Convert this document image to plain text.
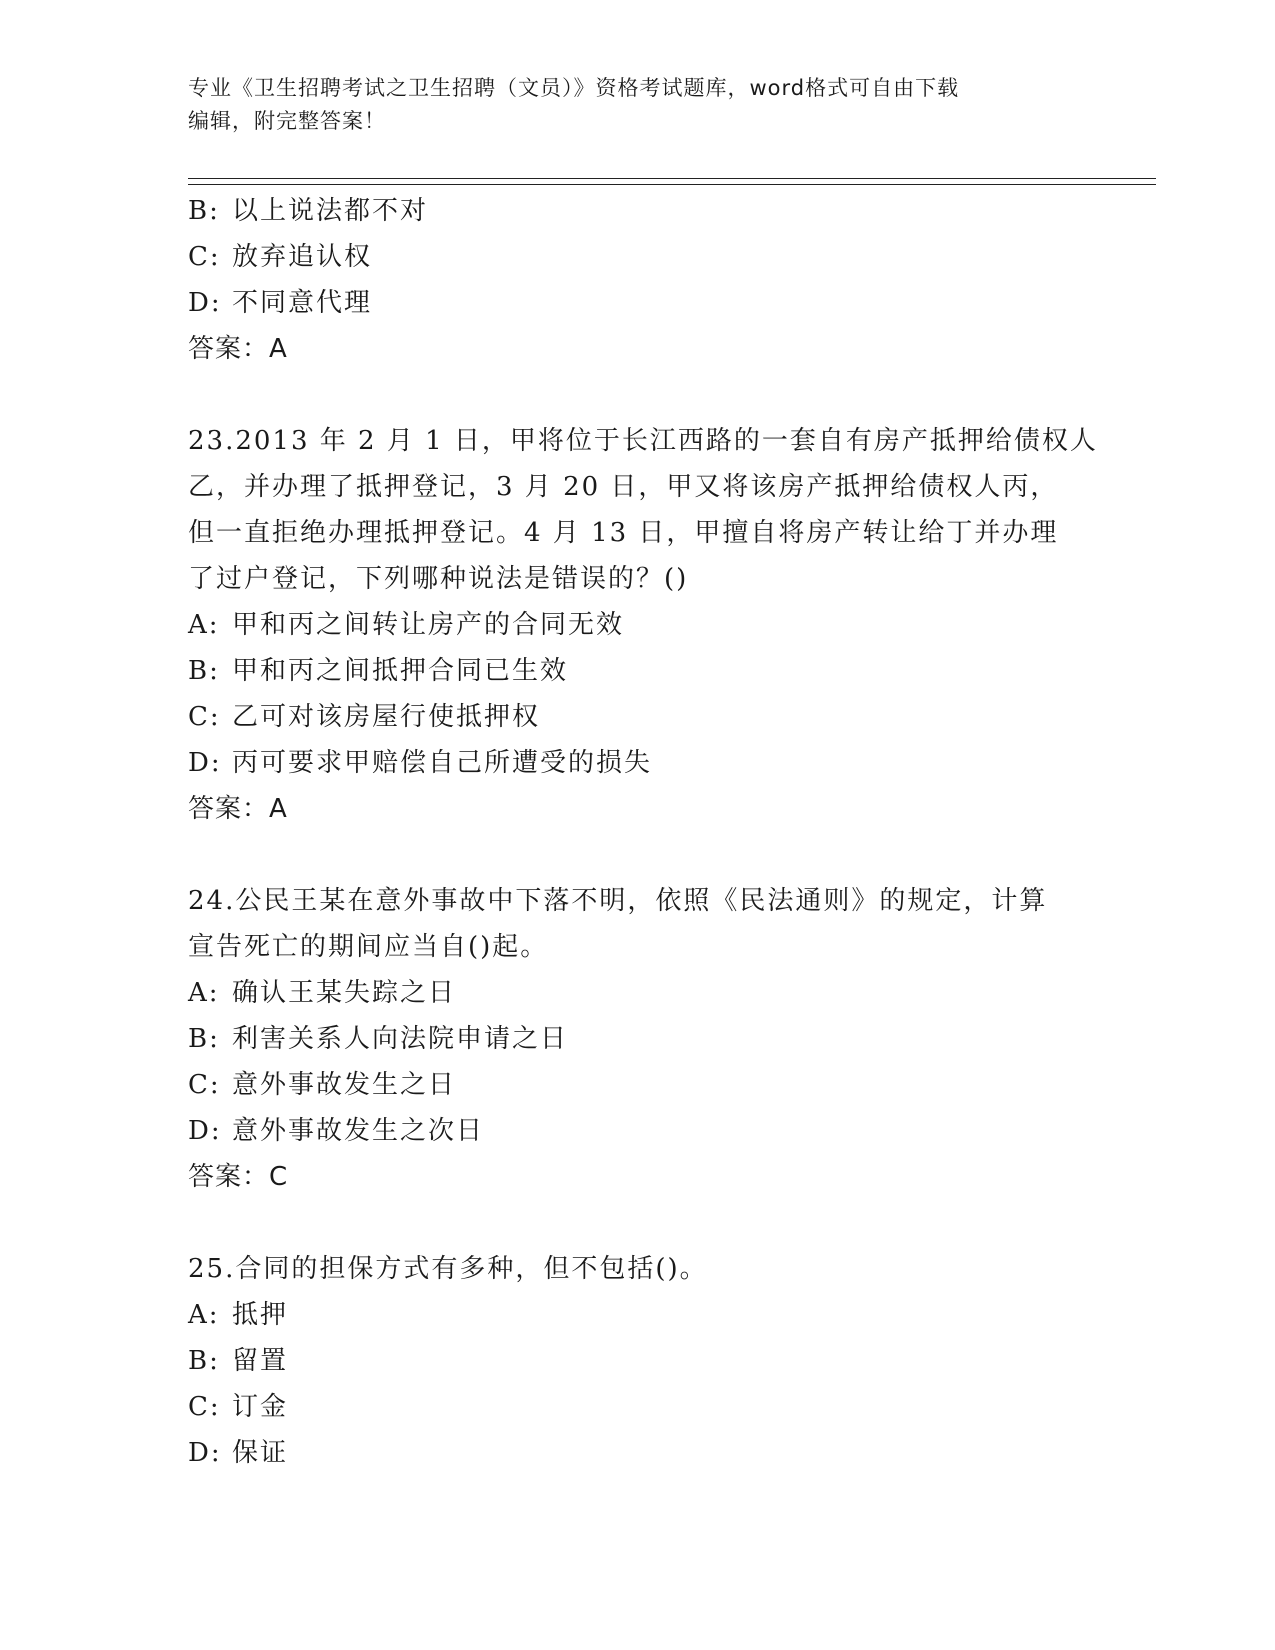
专业《卫生招聘考试之卫生招聘（文员）》资格考试题库，word格式可自由下载
编辑，附完整答案！
B: 以上说法都不对
C: 放弃追认权
D: 不同意代理
答案：A
23.2013 年 2 月 1 日，甲将位于长江西路的一套自有房产抵押给债权人
乙，并办理了抵押登记，3 月 20 日，甲又将该房产抵押给债权人丙，
但一直拒绝办理抵押登记。4 月 13 日，甲擅自将房产转让给丁并办理
了过户登记，下列哪种说法是错误的？()
A: 甲和丙之间转让房产的合同无效
B: 甲和丙之间抵押合同已生效
C: 乙可对该房屋行使抵押权
D: 丙可要求甲赔偿自己所遭受的损失
答案：A
24.公民王某在意外事故中下落不明，依照《民法通则》的规定，计算
宣告死亡的期间应当自()起。
A: 确认王某失踪之日
B: 利害关系人向法院申请之日
C: 意外事故发生之日
D: 意外事故发生之次日
答案：C
25.合同的担保方式有多种，但不包括()。
A: 抵押
B: 留置
C: 订金
D: 保证
